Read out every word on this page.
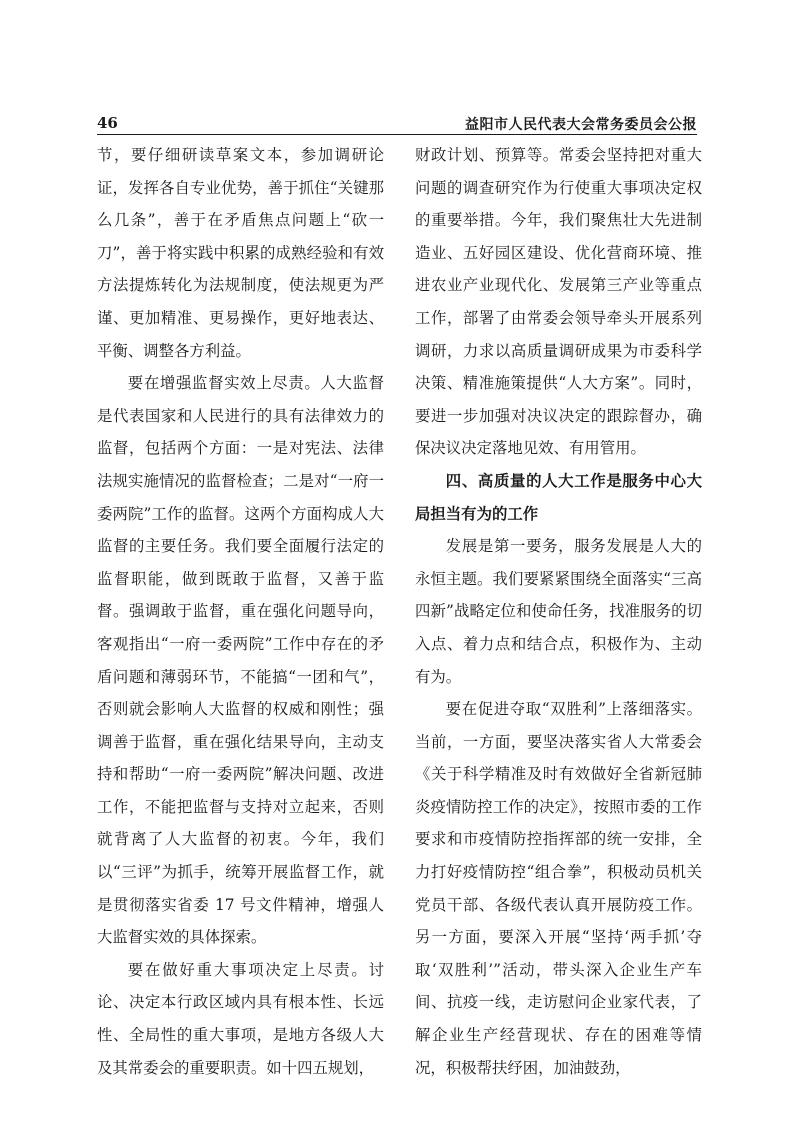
46	益阳市人民代表大会常务委员会公报

节，要仔细研读草案文本，参加调研论证，发挥各自专业优势，善于抓住“关键那么几条”，善于在矛盾焦点问题上“砍一刀”，善于将实践中积累的成熟经验和有效方法提炼转化为法规制度，使法规更为严谨、更加精准、更易操作，更好地表达、平衡、调整各方利益。

要在增强监督实效上尽责。人大监督是代表国家和人民进行的具有法律效力的监督，包括两个方面：一是对宪法、法律法规实施情况的监督检查；二是对“一府一委两院”工作的监督。这两个方面构成人大监督的主要任务。我们要全面履行法定的监督职能，做到既敢于监督，又善于监督。强调敢于监督，重在强化问题导向，客观指出“一府一委两院”工作中存在的矛盾问题和薄弱环节，不能搞“一团和气”，否则就会影响人大监督的权威和刚性；强调善于监督，重在强化结果导向，主动支持和帮助“一府一委两院”解决问题、改进工作，不能把监督与支持对立起来，否则就背离了人大监督的初衷。今年，我们以“三评”为抓手，统筹开展监督工作，就是贯彻落实省委 17 号文件精神，增强人大监督实效的具体探索。

要在做好重大事项决定上尽责。讨论、决定本行政区域内具有根本性、长远性、全局性的重大事项，是地方各级人大及其常委会的重要职责。如十四五规划，

财政计划、预算等。常委会坚持把对重大问题的调查研究作为行使重大事项决定权的重要举措。今年，我们聚焦壮大先进制造业、五好园区建设、优化营商环境、推进农业产业现代化、发展第三产业等重点工作，部署了由常委会领导牵头开展系列调研，力求以高质量调研成果为市委科学决策、精准施策提供“人大方案”。同时，要进一步加强对决议决定的跟踪督办，确保决议决定落地见效、有用管用。

四、高质量的人大工作是服务中心大局担当有为的工作

发展是第一要务，服务发展是人大的永恒主题。我们要紧紧围绕全面落实“三高四新”战略定位和使命任务，找准服务的切入点、着力点和结合点，积极作为、主动有为。

要在促进夺取“双胜利”上落细落实。当前，一方面，要坚决落实省人大常委会《关于科学精准及时有效做好全省新冠肺炎疫情防控工作的决定》，按照市委的工作要求和市疫情防控指挥部的统一安排，全力打好疫情防控“组合拳”，积极动员机关党员干部、各级代表认真开展防疫工作。另一方面，要深入开展“坚持‘两手抓’夺取‘双胜利’”活动，带头深入企业生产车间、抗疫一线，走访慰问企业家代表，了解企业生产经营现状、存在的困难等情况，积极帮扶纾困，加油鼓劲，
